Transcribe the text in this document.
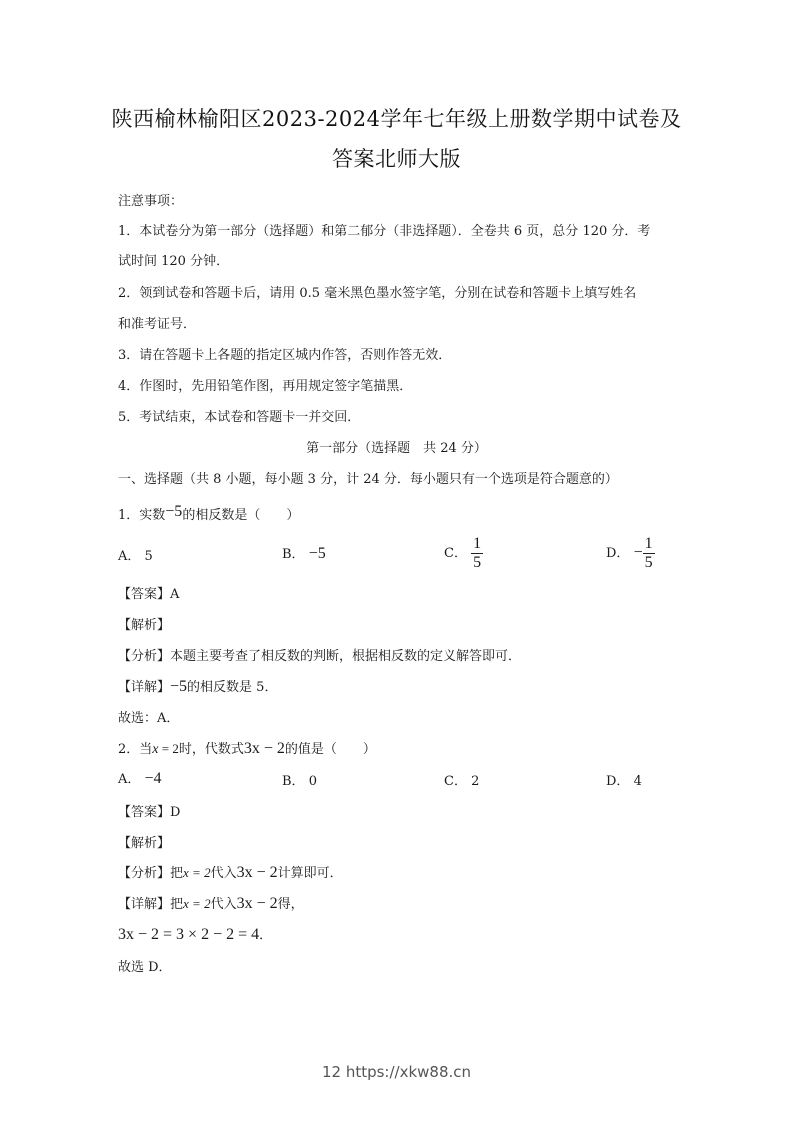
陕西榆林榆阳区2023-2024学年七年级上册数学期中试卷及
答案北师大版
注意事项：
1．本试卷分为第一部分（选择题）和第二郁分（非选择题）．全卷共 6 页，总分 120 分．考
试时间 120 分钟．
2．领到试卷和答题卡后，请用 0.5 毫米黑色墨水签字笔，分别在试卷和答题卡上填写姓名
和准考证号．
3．请在答题卡上各题的指定区城内作答，否则作答无效．
4．作图时，先用铅笔作图，再用规定签字笔描黑．
5．考试结束，本试卷和答题卡一并交回．
第一部分（选择题　共 24 分）
一、选择题（共 8 小题，每小题 3 分，计 24 分．每小题只有一个选项是符合题意的）
1．实数−5的相反数是（　　）
A． 5	B． −5	C． $\frac{1}{5}$	D． − $\frac{1}{5}$
【答案】A
【解析】
【分析】本题主要考查了相反数的判断，根据相反数的定义解答即可．
【详解】−5的相反数是 5．
故选：A．
2．当x = 2时，代数式3x − 2的值是（　　）
A． −4	B． 0	C． 2	D． 4
【答案】D
【解析】
【分析】把x = 2代入3x − 2计算即可．
【详解】把x = 2代入3x − 2得，
3x − 2 = 3 × 2 − 2 = 4．
故选 D．
12 https://xkw88.cn
